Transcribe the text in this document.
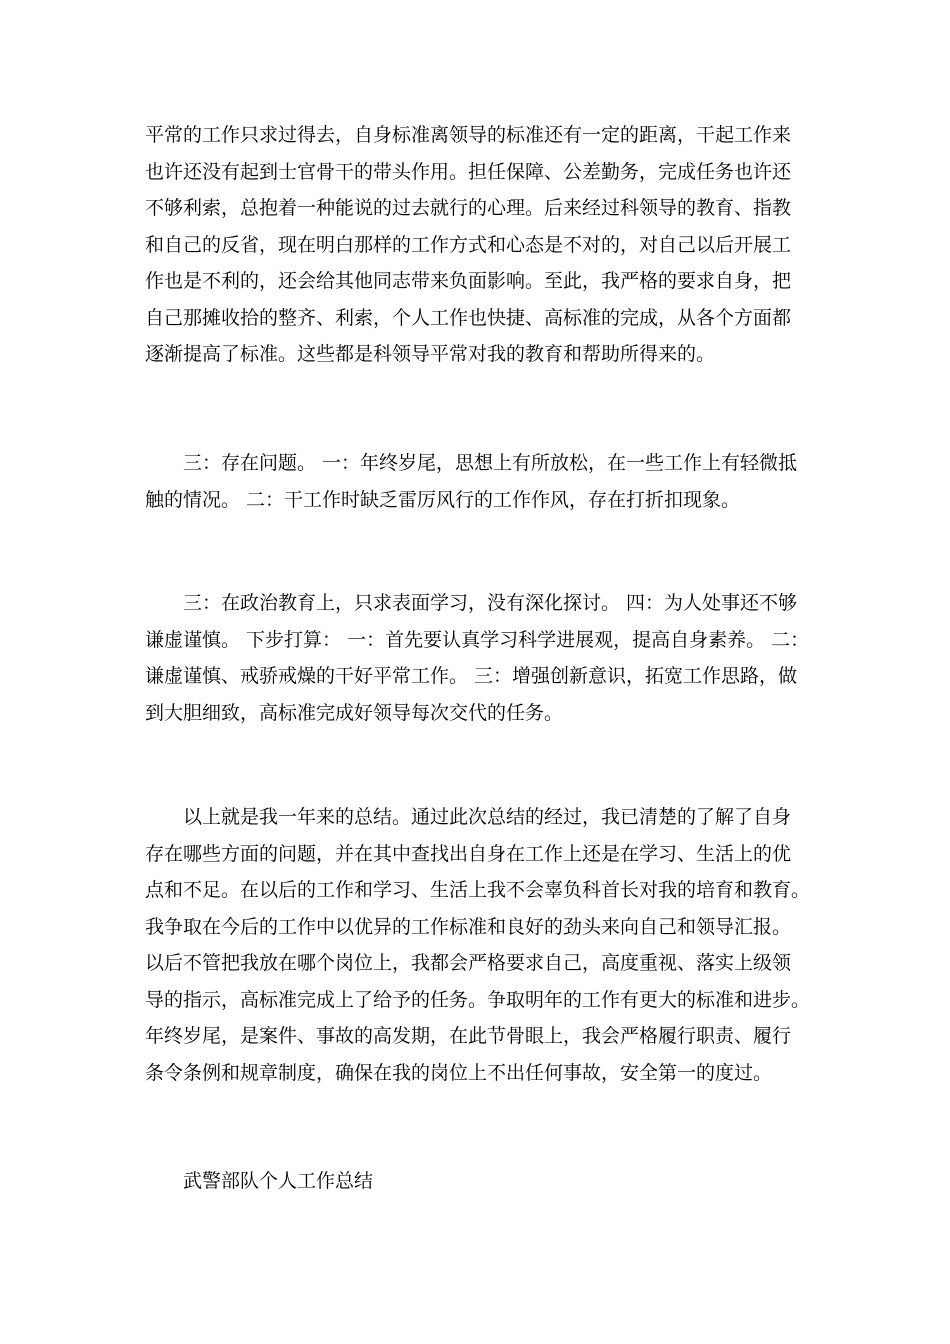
平常的工作只求过得去，自身标准离领导的标准还有一定的距离，干起工作来
也许还没有起到士官骨干的带头作用。担任保障、公差勤务，完成任务也许还
不够利索，总抱着一种能说的过去就行的心理。后来经过科领导的教育、指教
和自己的反省，现在明白那样的工作方式和心态是不对的，对自己以后开展工
作也是不利的，还会给其他同志带来负面影响。至此，我严格的要求自身，把
自己那摊收拾的整齐、利索，个人工作也快捷、高标准的完成，从各个方面都
逐渐提高了标准。这些都是科领导平常对我的教育和帮助所得来的。
　　三：存在问题。 一：年终岁尾，思想上有所放松，在一些工作上有轻微抵
触的情况。 二：干工作时缺乏雷厉风行的工作作风，存在打折扣现象。
　　三：在政治教育上，只求表面学习，没有深化探讨。 四：为人处事还不够
谦虚谨慎。 下步打算： 一：首先要认真学习科学进展观，提高自身素养。 二：
谦虚谨慎、戒骄戒燥的干好平常工作。 三：增强创新意识，拓宽工作思路，做
到大胆细致，高标准完成好领导每次交代的任务。
　　以上就是我一年来的总结。通过此次总结的经过，我已清楚的了解了自身
存在哪些方面的问题，并在其中查找出自身在工作上还是在学习、生活上的优
点和不足。在以后的工作和学习、生活上我不会辜负科首长对我的培育和教育。
我争取在今后的工作中以优异的工作标准和良好的劲头来向自己和领导汇报。
以后不管把我放在哪个岗位上，我都会严格要求自己，高度重视、落实上级领
导的指示，高标准完成上了给予的任务。争取明年的工作有更大的标准和进步。
年终岁尾，是案件、事故的高发期，在此节骨眼上，我会严格履行职责、履行
条令条例和规章制度，确保在我的岗位上不出任何事故，安全第一的度过。
　　武警部队个人工作总结
